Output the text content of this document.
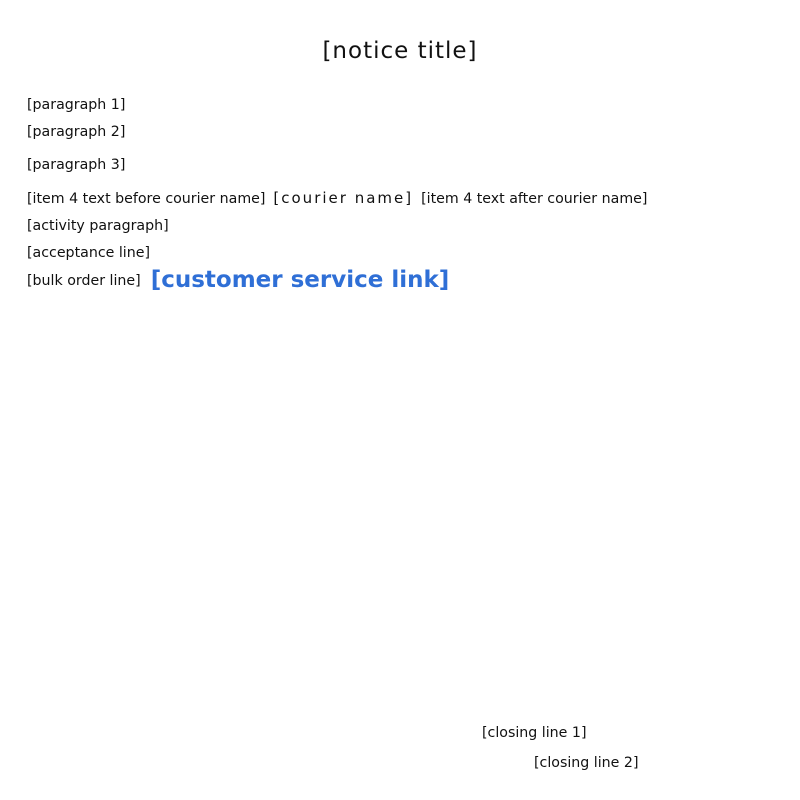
[notice title]

[paragraph 1]

[paragraph 2]

[paragraph 3]

[item 4 text before courier name] [courier name] [item 4 text after courier name]

[activity paragraph]

[acceptance line]

[bulk order line] [customer service link]

[closing line 1]
[closing line 2]
